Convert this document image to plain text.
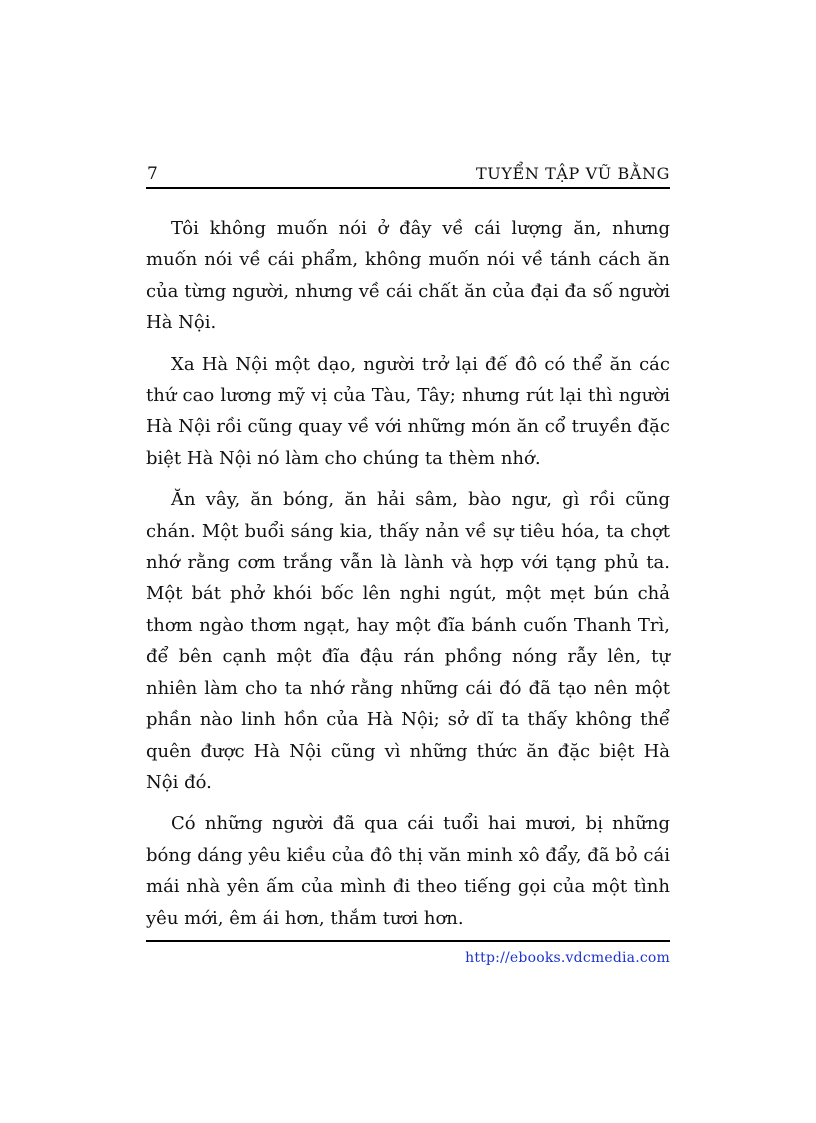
7	TUYỂN TẬP VŨ BẰNG

Tôi không muốn nói ở đây về cái lượng ăn, nhưng muốn nói về cái phẩm, không muốn nói về tánh cách ăn của từng người, nhưng về cái chất ăn của đại đa số người Hà Nội.

Xa Hà Nội một dạo, người trở lại đế đô có thể ăn các thứ cao lương mỹ vị của Tàu, Tây; nhưng rút lại thì người Hà Nội rồi cũng quay về với những món ăn cổ truyền đặc biệt Hà Nội nó làm cho chúng ta thèm nhớ.

Ăn vây, ăn bóng, ăn hải sâm, bào ngư, gì rồi cũng chán. Một buổi sáng kia, thấy nản về sự tiêu hóa, ta chợt nhớ rằng cơm trắng vẫn là lành và hợp với tạng phủ ta. Một bát phở khói bốc lên nghi ngút, một mẹt bún chả thơm ngào thơm ngạt, hay một đĩa bánh cuốn Thanh Trì, để bên cạnh một đĩa đậu rán phồng nóng rẫy lên, tự nhiên làm cho ta nhớ rằng những cái đó đã tạo nên một phần nào linh hồn của Hà Nội; sở dĩ ta thấy không thể quên được Hà Nội cũng vì những thức ăn đặc biệt Hà Nội đó.

Có những người đã qua cái tuổi hai mươi, bị những bóng dáng yêu kiều của đô thị văn minh xô đẩy, đã bỏ cái mái nhà yên ấm của mình đi theo tiếng gọi của một tình yêu mới, êm ái hơn, thắm tươi hơn.

http://ebooks.vdcmedia.com
